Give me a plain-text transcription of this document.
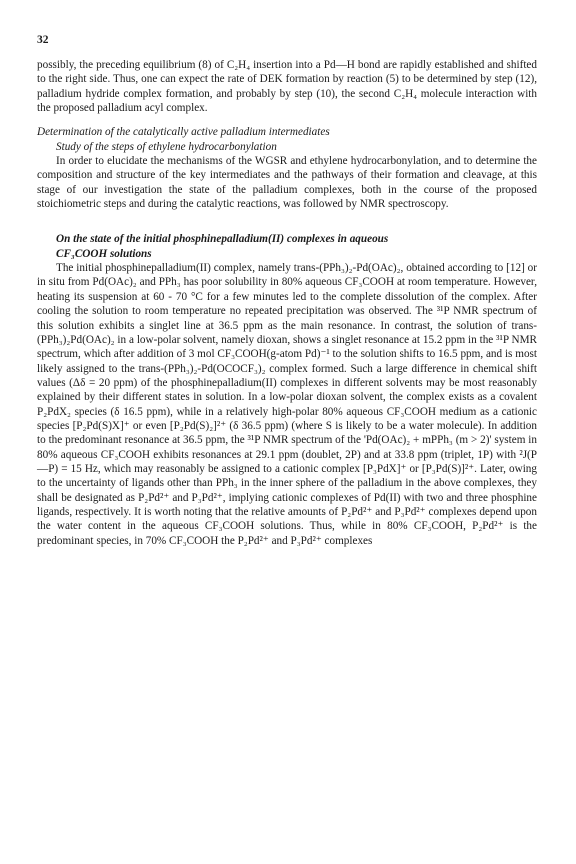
32

possibly, the preceding equilibrium (8) of C₂H₄ insertion into a Pd—H bond are rapidly established and shifted to the right side. Thus, one can expect the rate of DEK formation by reaction (5) to be determined by step (12), palladium hydride complex formation, and probably by step (10), the second C₂H₄ molecule interaction with the proposed palladium acyl complex.

Determination of the catalytically active palladium intermediates

Study of the steps of ethylene hydrocarbonylation

In order to elucidate the mechanisms of the WGSR and ethylene hydrocarbonylation, and to determine the composition and structure of the key intermediates and the pathways of their formation and cleavage, at this stage of our investigation the state of the palladium complexes, both in the course of the proposed stoichiometric steps and during the catalytic reactions, was followed by NMR spectroscopy.

On the state of the initial phosphinepalladium(II) complexes in aqueous
CF₃COOH solutions

The initial phosphinepalladium(II) complex, namely trans-(PPh₃)₂-Pd(OAc)₂, obtained according to [12] or in situ from Pd(OAc)₂ and PPh₃ has poor solubility in 80% aqueous CF₃COOH at room temperature. However, heating its suspension at 60 - 70 °C for a few minutes led to the complete dissolution of the complex. After cooling the solution to room temperature no repeated precipitation was observed. The ³¹P NMR spectrum of this solution exhibits a singlet line at 36.5 ppm as the main resonance. In contrast, the solution of trans-(PPh₃)₂Pd(OAc)₂ in a low-polar solvent, namely dioxan, shows a singlet resonance at 15.2 ppm in the ³¹P NMR spectrum, which after addition of 3 mol CF₃COOH(g-atom Pd)⁻¹ to the solution shifts to 16.5 ppm, and is most likely assigned to the trans-(PPh₃)₂-Pd(OCOCF₃)₂ complex formed. Such a large difference in chemical shift values (Δδ = 20 ppm) of the phosphinepalladium(II) complexes in different solvents may be most reasonably explained by their different states in solution. In a low-polar dioxan solvent, the complex exists as a covalent P₂PdX₂ species (δ 16.5 ppm), while in a relatively high-polar 80% aqueous CF₃COOH medium as a cationic species [P₂Pd(S)X]⁺ or even [P₂Pd(S)₂]²⁺ (δ 36.5 ppm) (where S is likely to be a water molecule). In addition to the predominant resonance at 36.5 ppm, the ³¹P NMR spectrum of the 'Pd(OAc)₂ + mPPh₃ (m > 2)' system in 80% aqueous CF₃COOH exhibits resonances at 29.1 ppm (doublet, 2P) and at 33.8 ppm (triplet, 1P) with ²J(P—P) = 15 Hz, which may reasonably be assigned to a cationic complex [P₃PdX]⁺ or [P₃Pd(S)]²⁺. Later, owing to the uncertainty of ligands other than PPh₃ in the inner sphere of the palladium in the above complexes, they shall be designated as P₂Pd²⁺ and P₃Pd²⁺, implying cationic complexes of Pd(II) with two and three phosphine ligands, respectively. It is worth noting that the relative amounts of P₂Pd²⁺ and P₃Pd²⁺ complexes depend upon the water content in the aqueous CF₃COOH solutions. Thus, while in 80% CF₃COOH, P₂Pd²⁺ is the predominant species, in 70% CF₃COOH the P₂Pd²⁺ and P₃Pd²⁺ complexes
